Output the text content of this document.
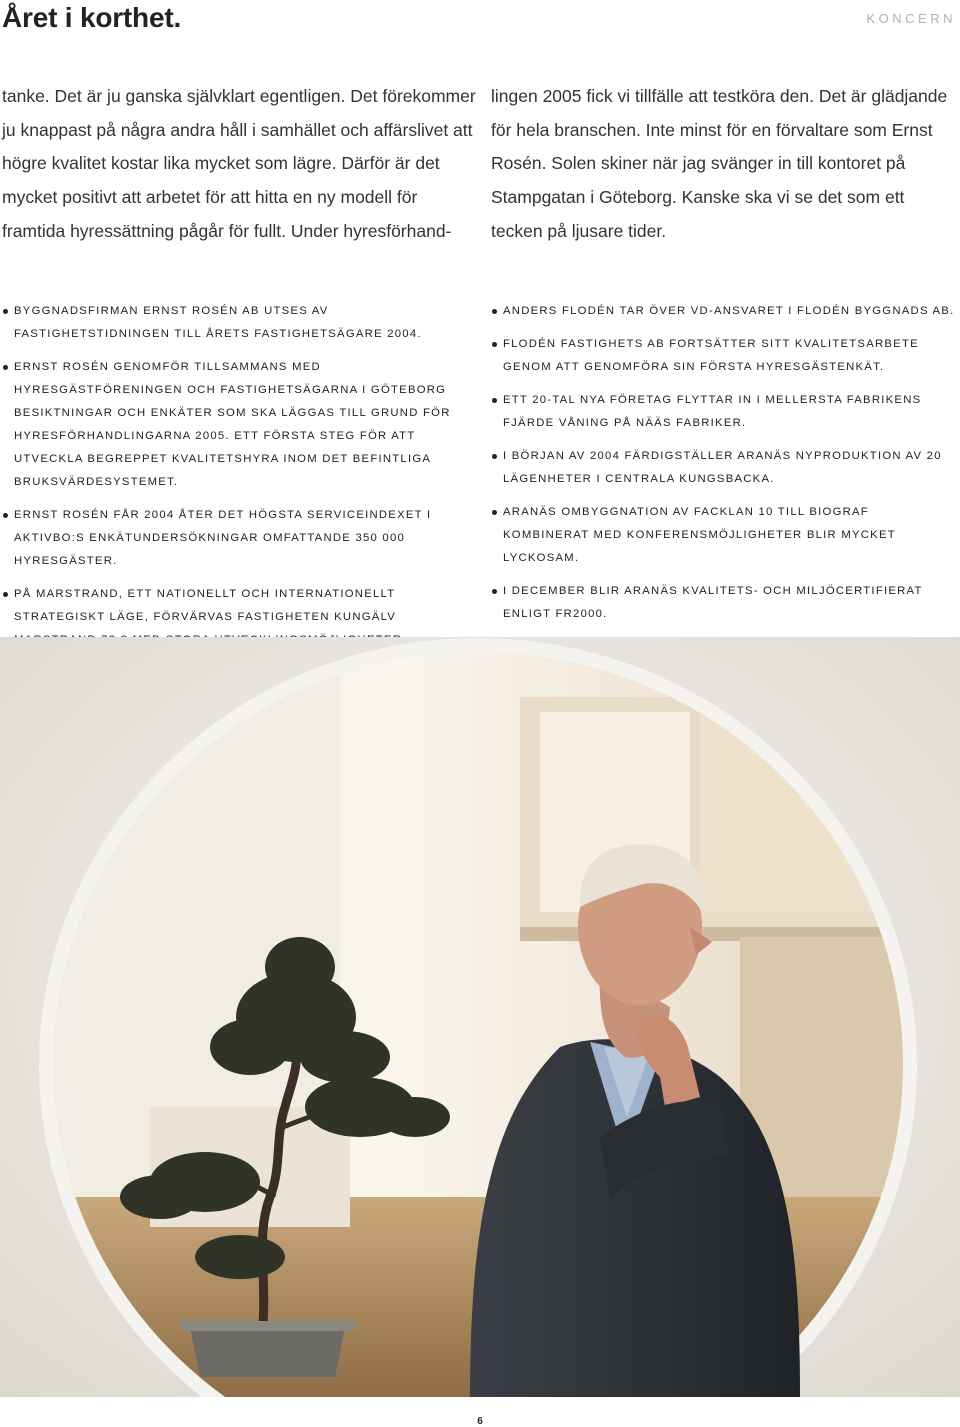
Året i korthet.	KONCERN
tanke. Det är ju ganska självklart egentligen. Det förekommer ju knappast på några andra håll i samhället och affärslivet att högre kvalitet kostar lika mycket som lägre. Därför är det mycket positivt att arbetet för att hitta en ny modell för framtida hyressättning pågår för fullt. Under hyresförhand-
lingen 2005 fick vi tillfälle att testköra den. Det är glädjande för hela branschen. Inte minst för en förvaltare som Ernst Rosén. Solen skiner när jag svänger in till kontoret på Stampgatan i Göteborg. Kanske ska vi se det som ett tecken på ljusare tider.
BYGGNADSFIRMAN ERNST ROSÉN AB UTSES AV FASTIGHETSTIDNINGEN TILL ÅRETS FASTIGHETSÄGARE 2004.
ERNST ROSÉN GENOMFÖR TILLSAMMANS MED HYRESGÄSTFÖRENINGEN OCH FASTIGHETSÄGARNA I GÖTEBORG BESIKTNINGAR OCH ENKÄTER SOM SKA LÄGGAS TILL GRUND FÖR HYRESFÖRHANDLINGARNA 2005. ETT FÖRSTA STEG FÖR ATT UTVECKLA BEGREPPET KVALITETSHYRA INOM DET BEFINTLIGA BRUKSVÄRDESYSTEMET.
ERNST ROSÉN FÅR 2004 ÅTER DET HÖGSTA SERVICEINDEXET I AKTIVBO:S ENKÄTUNDERSÖKNINGAR OMFATTANDE 350 000 HYRESGÄSTER.
PÅ MARSTRAND, ETT NATIONELLT OCH INTERNATIONELLT STRATEGISKT LÄGE, FÖRVÄRVAS FASTIGHETEN KUNGÄLV
ANDERS FLODÉN TAR ÖVER VD-ANSVARET I FLODÉN BYGGNADS AB.
FLODÉN FASTIGHETS AB FORTSÄTTER SITT KVALITETSARBETE GENOM ATT GENOMFÖRA SIN FÖRSTA HYRESGÄSTENKÄT.
ETT 20-TAL NYA FÖRETAG FLYTTAR IN I MELLERSTA FABRIKENS FJÄRDE VÅNING PÅ NÄÄS FABRIKER.
I BÖRJAN AV 2004 FÄRDIGSTÄLLER ARANÄS NYPRODUKTION AV 20 LÄGENHETER I CENTRALA KUNGSBACKA.
ARANÄS OMBYGGNATION AV FACKLAN 10 TILL BIOGRAF KOMBINERAT MED KONFERENSMÖJLIGHETER BLIR MYCKET LYCKOSAM.
I DECEMBER BLIR ARANÄS KVALITETS- OCH MILJÖCERTIFIERAT ENLIGT FR2000.
6
